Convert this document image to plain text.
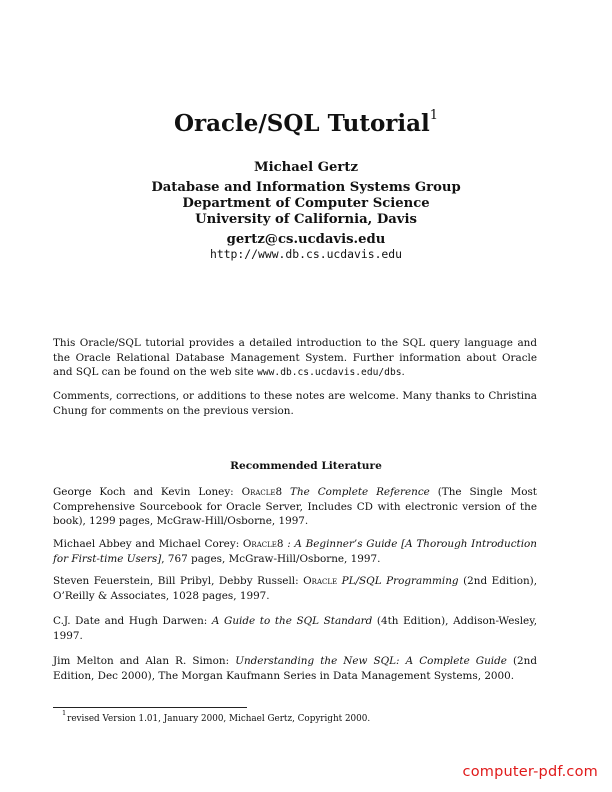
Oracle/SQL Tutorial$^1$
Michael Gertz
Database and Information Systems Group
Department of Computer Science
University of California, Davis
gertz@cs.ucdavis.edu
http://www.db.cs.ucdavis.edu
This Oracle/SQL tutorial provides a detailed introduction to the SQL query language and the Oracle Relational Database Management System. Further information about Oracle and SQL can be found on the web site www.db.cs.ucdavis.edu/dbs.
Comments, corrections, or additions to these notes are welcome. Many thanks to Christina Chung for comments on the previous version.
Recommended Literature
George Koch and Kevin Loney: Oracle8 The Complete Reference (The Single Most Comprehensive Sourcebook for Oracle Server, Includes CD with electronic version of the book), 1299 pages, McGraw-Hill/Osborne, 1997.
Michael Abbey and Michael Corey: Oracle8 : A Beginner’s Guide [A Thorough Introduction for First-time Users], 767 pages, McGraw-Hill/Osborne, 1997.
Steven Feuerstein, Bill Pribyl, Debby Russell: Oracle PL/SQL Programming (2nd Edition), O’Reilly & Associates, 1028 pages, 1997.
C.J. Date and Hugh Darwen: A Guide to the SQL Standard (4th Edition), Addison-Wesley, 1997.
Jim Melton and Alan R. Simon: Understanding the New SQL: A Complete Guide (2nd Edition, Dec 2000), The Morgan Kaufmann Series in Data Management Systems, 2000.
$^1$revised Version 1.01, January 2000, Michael Gertz, Copyright 2000.
computer-pdf.com
